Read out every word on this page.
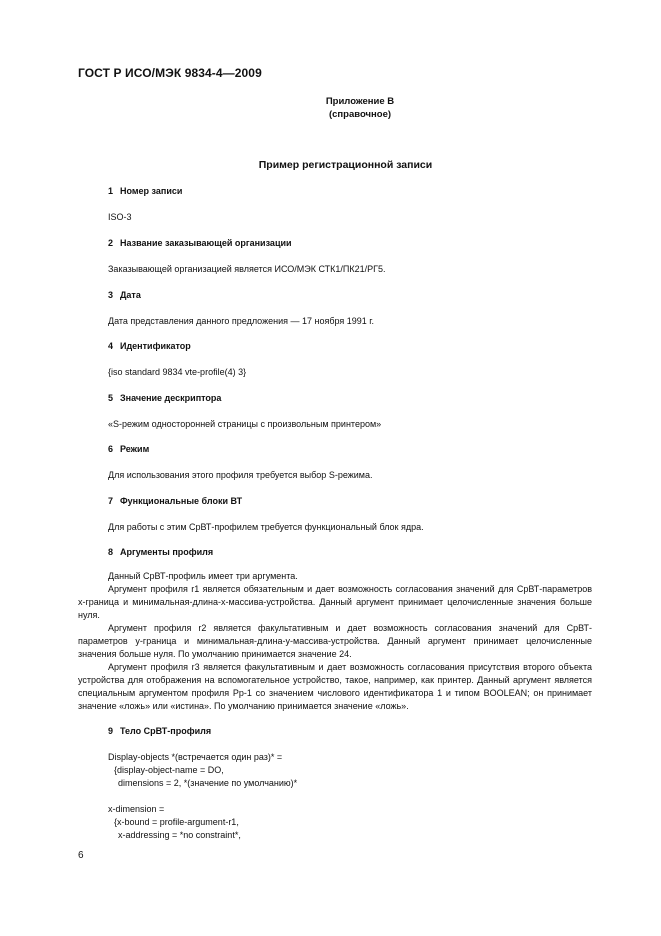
ГОСТ Р ИСО/МЭК 9834-4—2009
Приложение В
(справочное)
Пример регистрационной записи
1 Номер записи
ISO-3
2 Название заказывающей организации
Заказывающей организацией является ИСО/МЭК СТК1/ПК21/РГ5.
3 Дата
Дата представления данного предложения — 17 ноября 1991 г.
4 Идентификатор
{iso standard 9834 vte-profile(4) 3}
5 Значение дескриптора
«S-режим односторонней страницы с произвольным принтером»
6 Режим
Для использования этого профиля требуется выбор S-режима.
7 Функциональные блоки ВТ
Для работы с этим СрВТ-профилем требуется функциональный блок ядра.
8 Аргументы профиля
Данный СрВТ-профиль имеет три аргумента.
Аргумент профиля r1 является обязательным и дает возможность согласования значений для СрВТ-параметров x-граница и минимальная-длина-x-массива-устройства. Данный аргумент принимает целочисленные значения больше нуля.
Аргумент профиля r2 является факультативным и дает возможность согласования значений для СрВТ-параметров y-граница и минимальная-длина-y-массива-устройства. Данный аргумент принимает целочисленные значения больше нуля. По умолчанию принимается значение 24.
Аргумент профиля r3 является факультативным и дает возможность согласования присутствия второго объекта устройства для отображения на вспомогательное устройство, такое, например, как принтер. Данный аргумент является специальным аргументом профиля Pp-1 со значением числового идентификатора 1 и типом BOOLEAN; он принимает значение «ложь» или «истина». По умолчанию принимается значение «ложь».
9 Тело СрВТ-профиля
Display-objects *(встречается один раз)* =
{display-object-name = DO,
dimensions = 2, *(значение по умолчанию)*
x-dimension =
{x-bound = profile-argument-r1,
x-addressing = *no constraint*,
6
